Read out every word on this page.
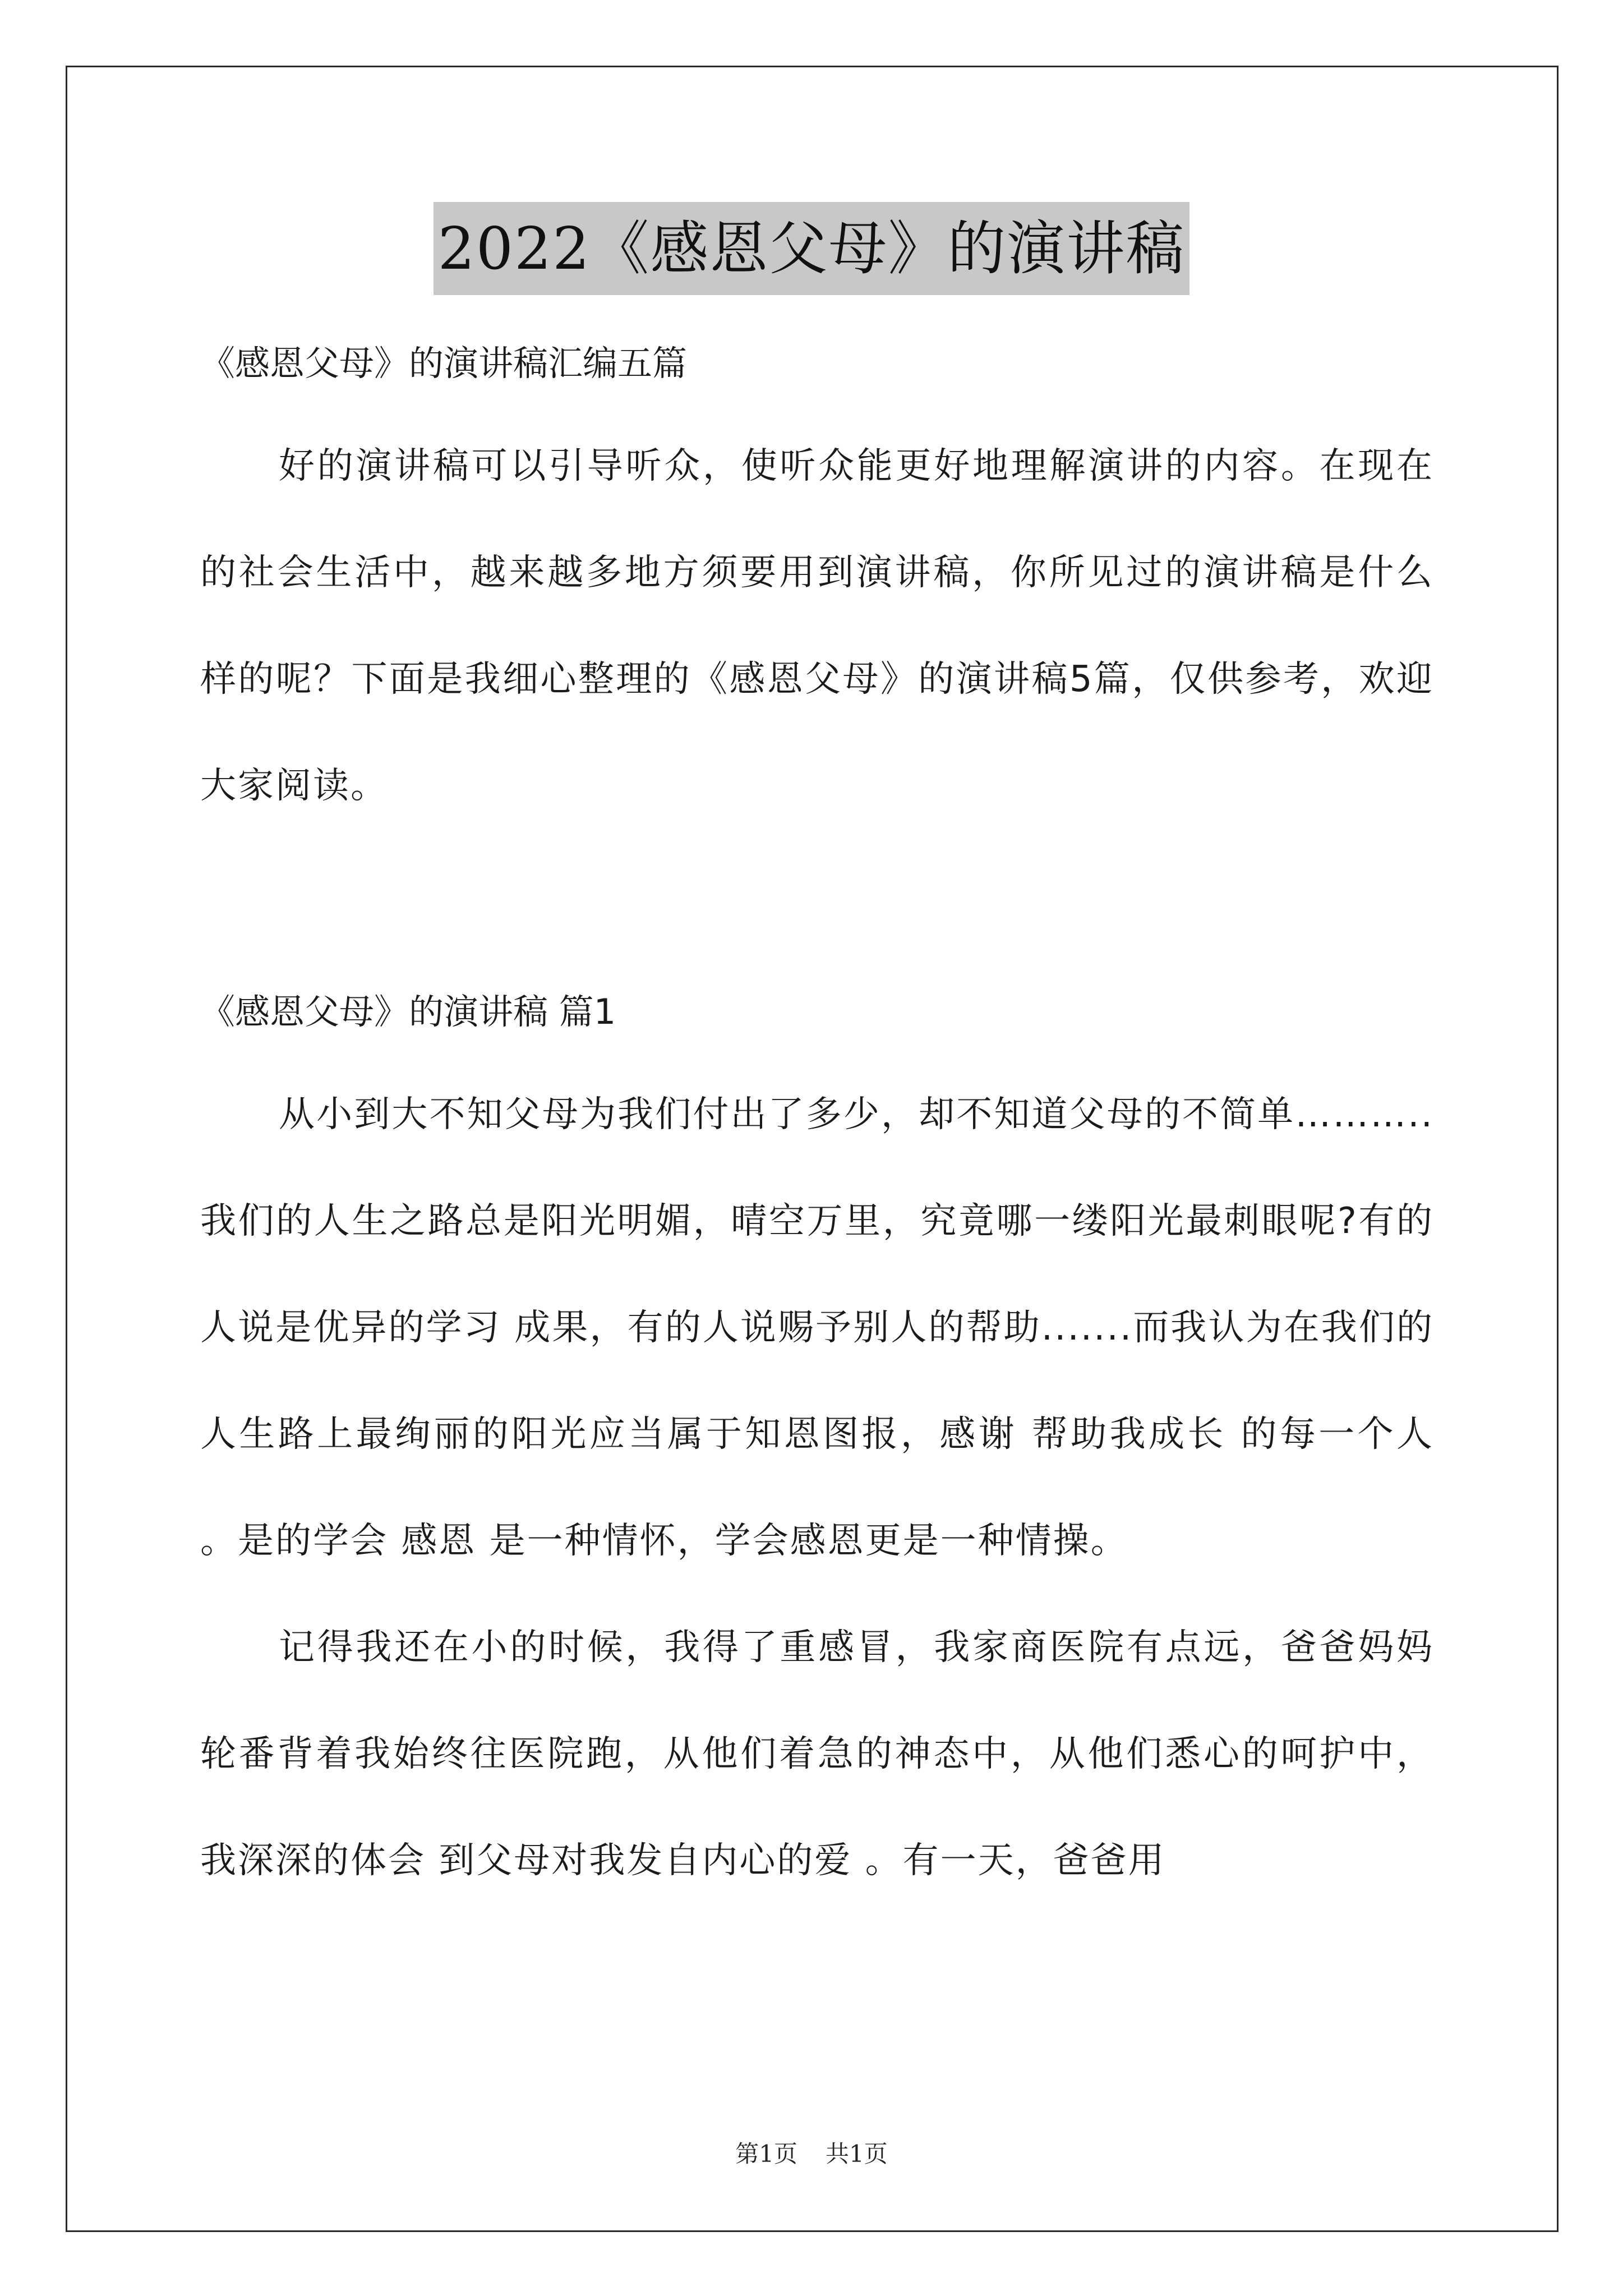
2022《感恩父母》的演讲稿

《感恩父母》的演讲稿汇编五篇

好的演讲稿可以引导听众，使听众能更好地理解演讲的内容。在现在的社会生活中，越来越多地方须要用到演讲稿，你所见过的演讲稿是什么样的呢？下面是我细心整理的《感恩父母》的演讲稿5篇，仅供参考，欢迎大家阅读。

《感恩父母》的演讲稿 篇1

从小到大不知父母为我们付出了多少，却不知道父母的不简单………..我们的人生之路总是阳光明媚，晴空万里，究竟哪一缕阳光最刺眼呢?有的人说是优异的学习 成果，有的人说赐予别人的帮助.......而我认为在我们的人生路上最绚丽的阳光应当属于知恩图报，感谢 帮助我成长 的每一个人 。是的学会 感恩 是一种情怀，学会感恩更是一种情操。

记得我还在小的时候，我得了重感冒，我家商医院有点远，爸爸妈妈 轮番背着我始终往医院跑，从他们着急的神态中，从他们悉心的呵护中，我深深的体会 到父母对我发自内心的爱 。有一天，爸爸用

第1页 共1页
